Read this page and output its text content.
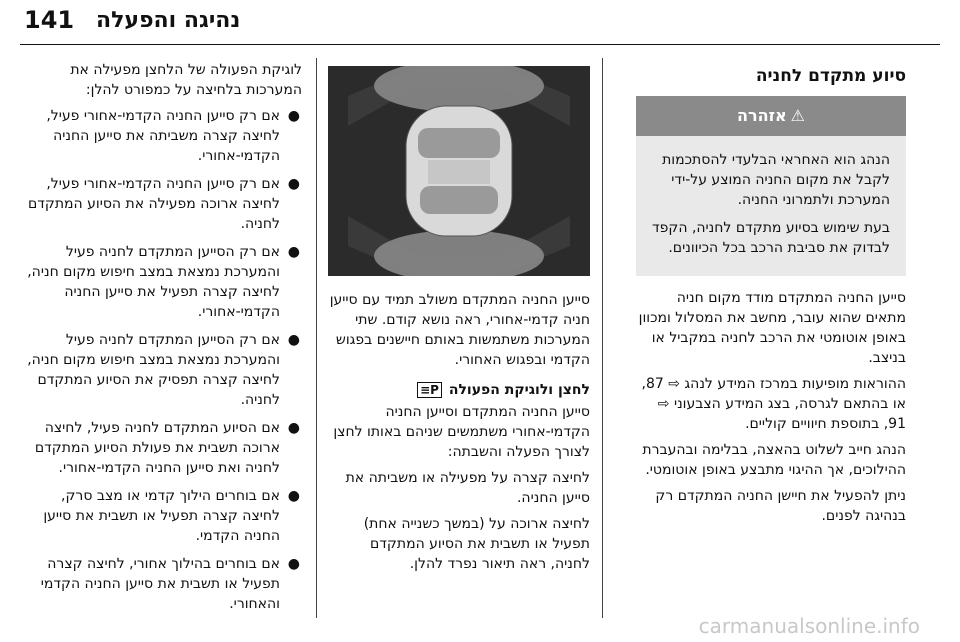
141 נהיגה והפעלה
סיוע מתקדם לחניה
⚠אזהרה

הנהג הוא האחראי הבלעדי להסתכמות לקבל את מקום החניה המוצע על-ידי המערכת ולתמרוני החניה.

בעת שימוש בסיוע מתקדם לחניה, הקפד לבדוק את סביבת הרכב בכל הכיוונים.

סייען החניה המתקדם מודד מקום חניה מתאים שהוא עובר, מחשב את המסלול ומכוון באופן אוטומטי את הרכב לחניה במקביל או בניצב.

ההוראות מופיעות במרכז המידע לנהג ⇨ 87, או בהתאם לגרסה, בצג המידע הצבעוני ⇨ 91, בתוספת חיוויים קוליים.

הנהג חייב לשלוט בהאצה, בבלימה ובהעברת ההילוכים, אך ההיגוי מתבצע באופן אוטומטי.

ניתן להפעיל את חיישן החניה המתקדם רק בנהיגה לפנים.

סייען החניה המתקדם משולב תמיד עם סייען חניה קדמי-אחורי, ראה נושא קודם. שתי המערכות משתמשות באותם חיישנים בפגוש הקדמי ובפגוש האחורי.

לחצן ולוגיקת הפעולה P≡

סייען החניה המתקדם וסייען החניה הקדמי-אחורי משתמשים שניהם באותו לחצן לצורך הפעלה והשבתה:

לחיצה קצרה על מפעילה או משביתה את סייען החניה.

לחיצה ארוכה על (במשך כשנייה אחת) תפעיל או תשבית את הסיוע המתקדם לחניה, ראה תיאור נפרד להלן.

לוגיקת הפעולה של הלחצן מפעילה את המערכות בלחיצה על כמפורט להלן:

●
אם רק סייען החניה הקדמי-אחורי פעיל, לחיצה קצרה משביתה את סייען החניה הקדמי-אחורי.
●
אם רק סייען החניה הקדמי-אחורי פעיל, לחיצה ארוכה מפעילה את הסיוע המתקדם לחניה.
●
אם רק הסייען המתקדם לחניה פעיל והמערכת נמצאת במצב חיפוש מקום חניה, לחיצה קצרה תפעיל את סייען החניה הקדמי-אחורי.
●
אם רק הסייען המתקדם לחניה פעיל והמערכת נמצאת במצב חיפוש מקום חניה, לחיצה קצרה תפסיק את הסיוע המתקדם לחניה.
●
אם הסיוע המתקדם לחניה פעיל, לחיצה ארוכה תשבית את פעולת הסיוע המתקדם לחניה ואת סייען החניה הקדמי-אחורי.
●
אם בוחרים הילוך קדמי או מצב סרק, לחיצה קצרה תפעיל או תשבית את סייען החניה הקדמי.
●
אם בוחרים בהילוך אחורי, לחיצה קצרה תפעיל או תשבית את סייען החניה הקדמי והאחורי.
carmanualsonline.info
